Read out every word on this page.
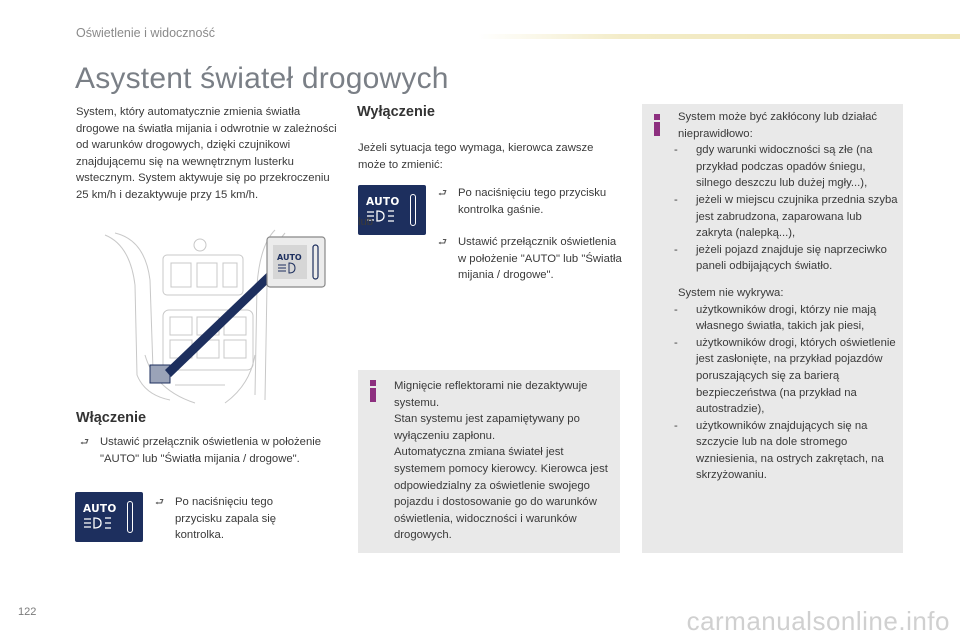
Oświetlenie i widoczność
Asystent świateł drogowych

System, który automatycznie zmienia światła drogowe na światła mijania i odwrotnie w zależności od warunków drogowych, dzięki czujnikowi znajdującemu się na wewnętrznym lusterku wstecznym. System aktywuje się po przekroczeniu 25 km/h i dezaktywuje przy 15 km/h.

AUTO
Włączenie
⮐ Ustawić przełącznik oświetlenia w położenie "AUTO" lub "Światła mijania / drogowe".
AUTO
⮐ Po naciśnięciu tego przycisku zapala się kontrolka.
Wyłączenie

Jeżeli sytuacja tego wymaga, kierowca zawsze może to zmienić:

AUTO
⮐ Po naciśnięciu tego przycisku kontrolka gaśnie.
lub
⮐ Ustawić przełącznik oświetlenia w położenie "AUTO" lub "Światła mijania / drogowe".

Mignięcie reflektorami nie dezaktywuje systemu.

Stan systemu jest zapamiętywany po wyłączeniu zapłonu.

Automatyczna zmiana świateł jest systemem pomocy kierowcy. Kierowca jest odpowiedzialny za oświetlenie swojego pojazdu i dostosowanie go do warunków oświetlenia, widoczności i warunków drogowych.

System może być zakłócony lub działać nieprawidłowo:

-	gdy warunki widoczności są złe (na przykład podczas opadów śniegu, silnego deszczu lub dużej mgły...),
-	jeżeli w miejscu czujnika przednia szyba jest zabrudzona, zaparowana lub zakryta (nalepką...),
-	jeżeli pojazd znajduje się naprzeciwko paneli odbijających światło.

System nie wykrywa:

-	użytkowników drogi, którzy nie mają własnego światła, takich jak piesi,
-	użytkowników drogi, których oświetlenie jest zasłonięte, na przykład pojazdów poruszających się za barierą bezpieczeństwa (na przykład na autostradzie),
-	użytkowników znajdujących się na szczycie lub na dole stromego wzniesienia, na ostrych zakrętach, na skrzyżowaniu.
122	carmanualsonline.info
